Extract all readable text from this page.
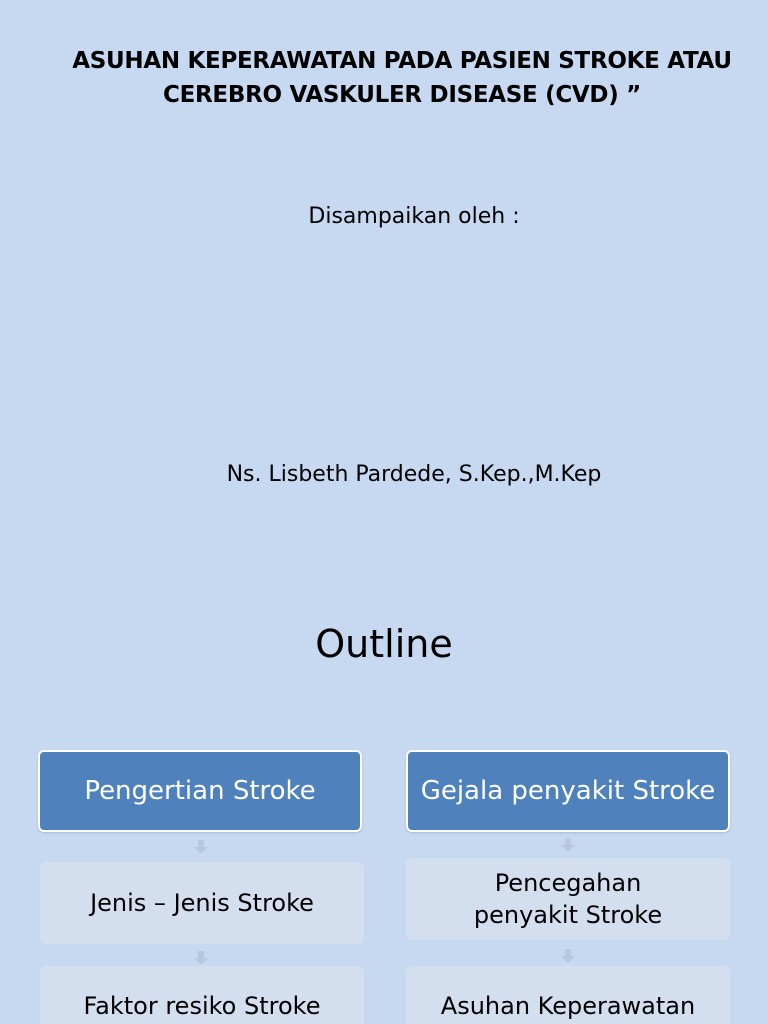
ASUHAN KEPERAWATAN PADA PASIEN STROKE ATAU
CEREBRO VASKULER DISEASE (CVD) ”
Disampaikan oleh :
Ns. Lisbeth Pardede, S.Kep.,M.Kep
Outline
Pengertian Stroke
Jenis – Jenis Stroke
Faktor resiko Stroke
Gejala penyakit Stroke
Pencegahan penyakit Stroke
Asuhan Keperawatan
